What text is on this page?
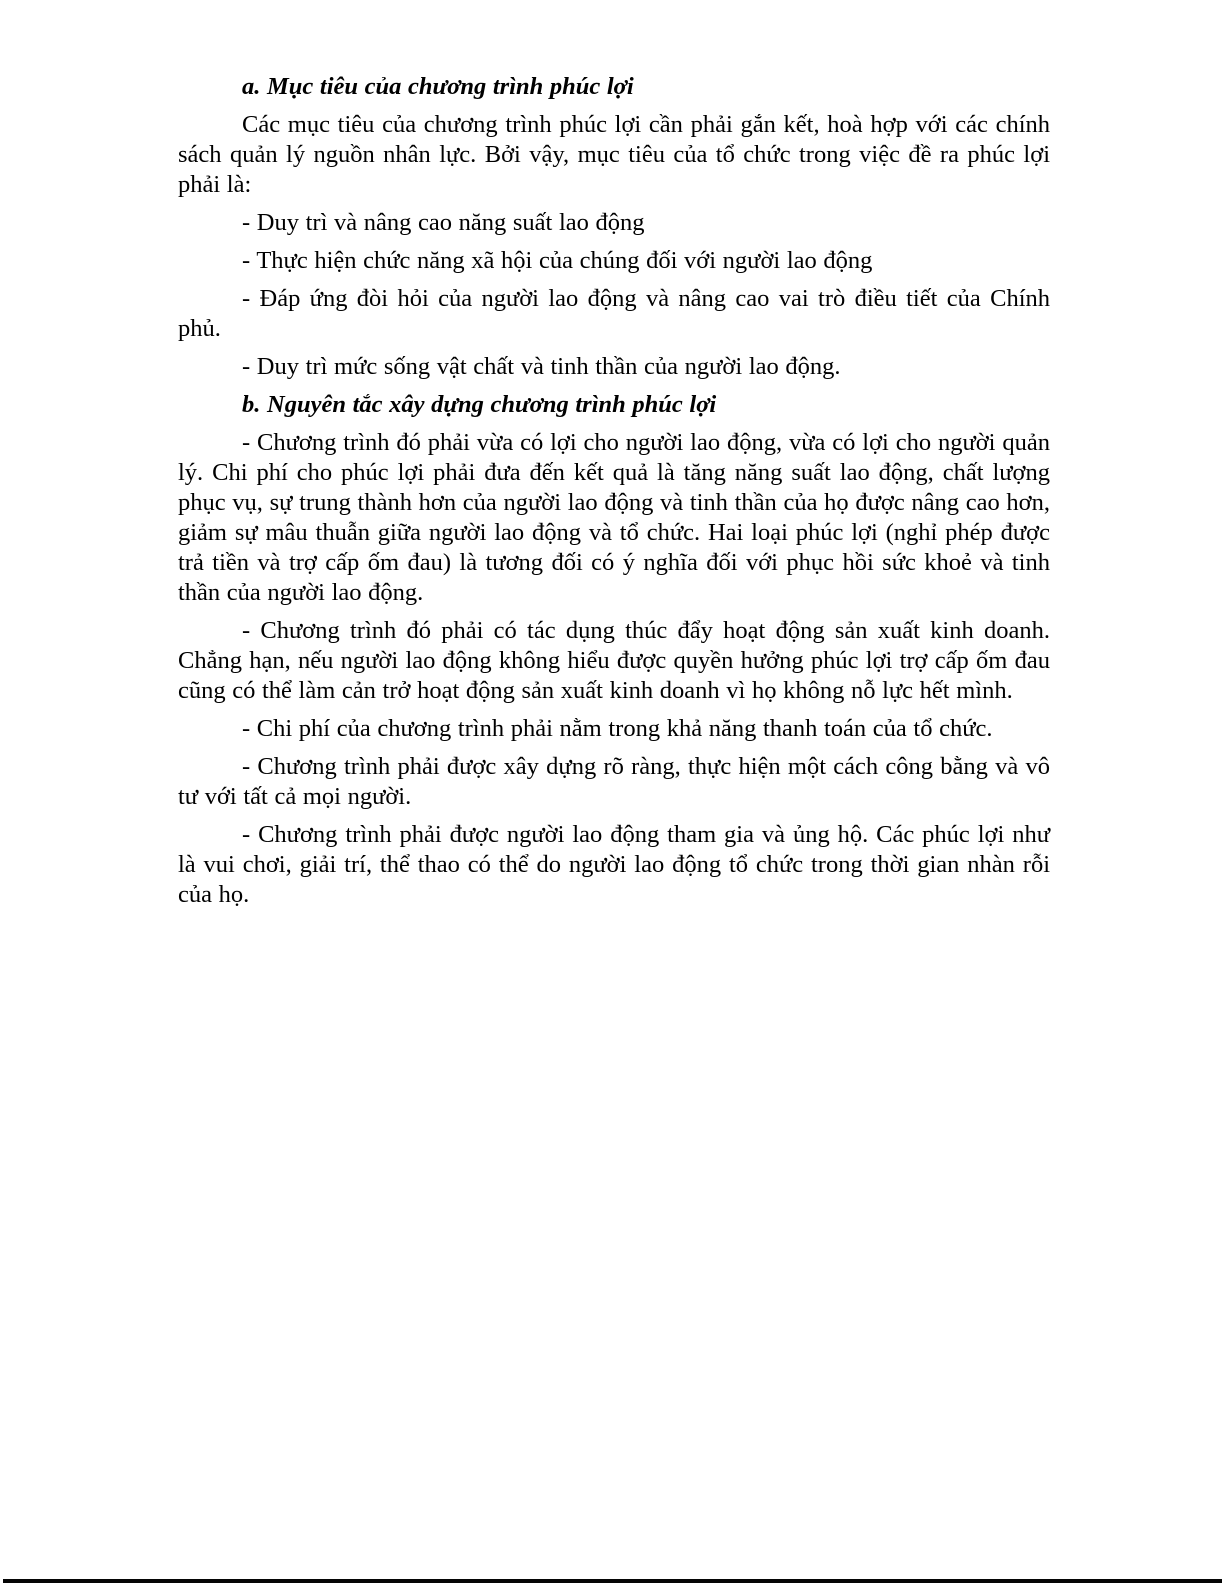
a. Mục tiêu của chương trình phúc lợi

Các mục tiêu của chương trình phúc lợi cần phải gắn kết, hoà hợp với các chính sách quản lý nguồn nhân lực. Bởi vậy, mục tiêu của tổ chức trong việc đề ra phúc lợi phải là:

- Duy trì và nâng cao năng suất lao động

- Thực hiện chức năng xã hội của chúng đối với người lao động

- Đáp ứng đòi hỏi của người lao động và nâng cao vai trò điều tiết của Chính phủ.

- Duy trì mức sống vật chất và tinh thần của người lao động.

b. Nguyên tắc xây dựng chương trình phúc lợi

- Chương trình đó phải vừa có lợi cho người lao động, vừa có lợi cho người quản lý. Chi phí cho phúc lợi phải đưa đến kết quả là tăng năng suất lao động, chất lượng phục vụ, sự trung thành hơn của người lao động và tinh thần của họ được nâng cao hơn, giảm sự mâu thuẫn giữa người lao động và tổ chức. Hai loại phúc lợi (nghỉ phép được trả tiền và trợ cấp ốm đau) là tương đối có ý nghĩa đối với phục hồi sức khoẻ và tinh thần của người lao động.

- Chương trình đó phải có tác dụng thúc đẩy hoạt động sản xuất kinh doanh. Chẳng hạn, nếu người lao động không hiểu được quyền hưởng phúc lợi trợ cấp ốm đau cũng có thể làm cản trở hoạt động sản xuất kinh doanh vì họ không nỗ lực hết mình.

- Chi phí của chương trình phải nằm trong khả năng thanh toán của tổ chức.

- Chương trình phải được xây dựng rõ ràng, thực hiện một cách công bằng và vô tư với tất cả mọi người.

- Chương trình phải được người lao động tham gia và ủng hộ. Các phúc lợi như là vui chơi, giải trí, thể thao có thể do người lao động tổ chức trong thời gian nhàn rỗi của họ.
